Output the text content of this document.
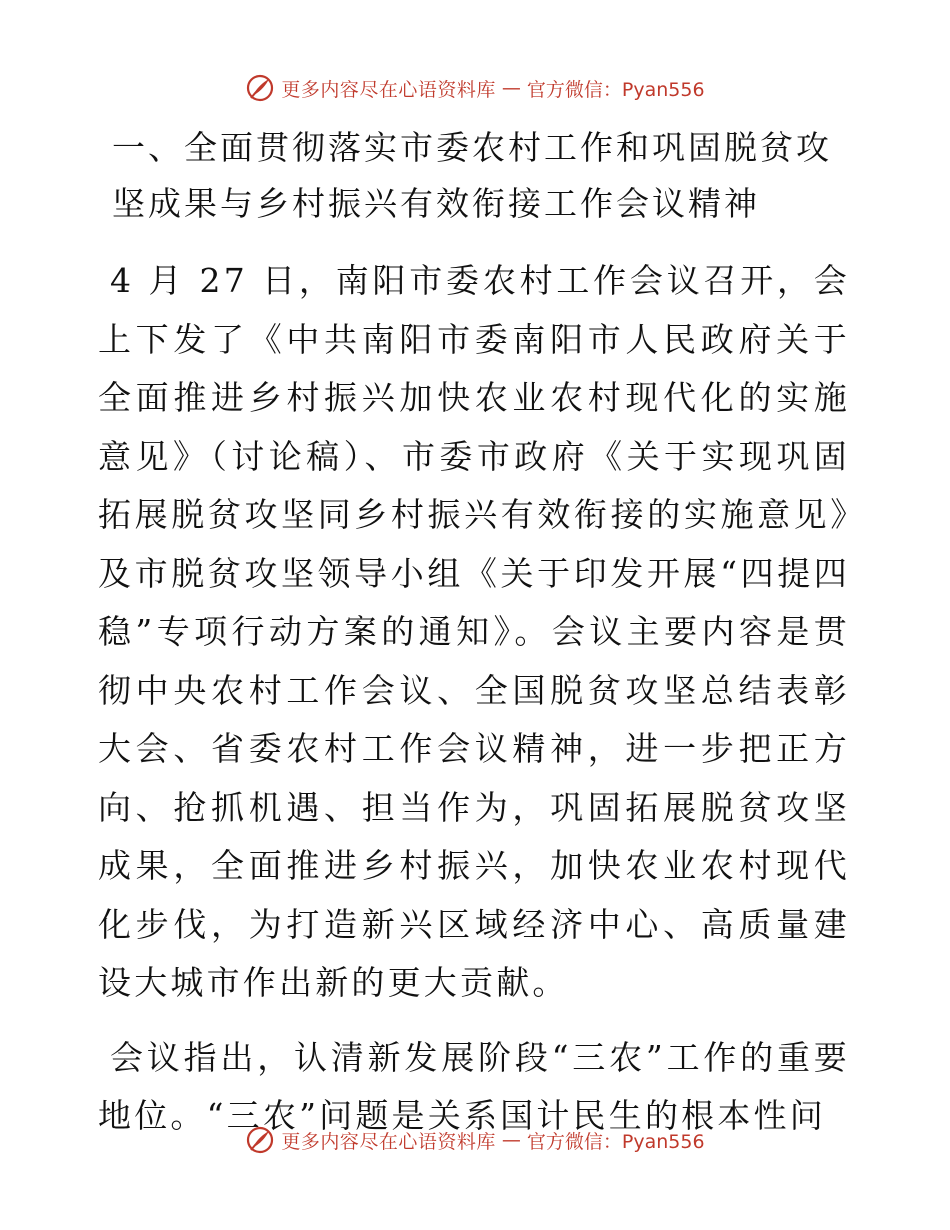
更多内容尽在心语资料库 — 官方微信：Pyan556
一、全面贯彻落实市委农村工作和巩固脱贫攻坚成果与乡村振兴有效衔接工作会议精神

4 月 27 日，南阳市委农村工作会议召开，会上下发了《中共南阳市委南阳市人民政府关于全面推进乡村振兴加快农业农村现代化的实施意见》（讨论稿）、市委市政府《关于实现巩固拓展脱贫攻坚同乡村振兴有效衔接的实施意见》及市脱贫攻坚领导小组《关于印发开展“四提四稳”专项行动方案的通知》。会议主要内容是贯彻中央农村工作会议、全国脱贫攻坚总结表彰大会、省委农村工作会议精神，进一步把正方向、抢抓机遇、担当作为，巩固拓展脱贫攻坚成果，全面推进乡村振兴，加快农业农村现代化步伐，为打造新兴区域经济中心、高质量建设大城市作出新的更大贡献。

会议指出，认清新发展阶段“三农”工作的重要地位。“三农”问题是关系国计民生的根本性问

更多内容尽在心语资料库 — 官方微信：Pyan556
